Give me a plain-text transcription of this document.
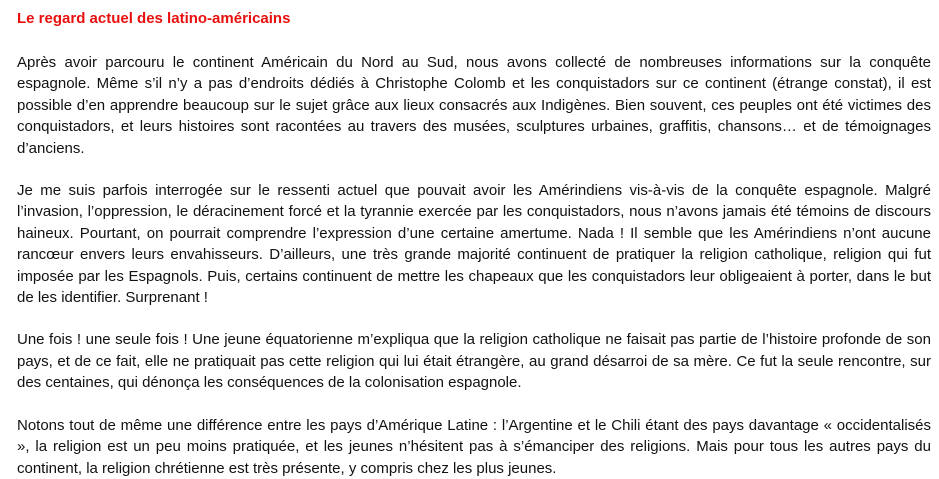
Le regard actuel des latino-américains

Après avoir parcouru le continent Américain du Nord au Sud, nous avons collecté de nombreuses informations sur la conquête espagnole. Même s’il n’y a pas d’endroits dédiés à Christophe Colomb et les conquistadors sur ce continent (étrange constat), il est possible d’en apprendre beaucoup sur le sujet grâce aux lieux consacrés aux Indigènes. Bien souvent, ces peuples ont été victimes des conquistadors, et leurs histoires sont racontées au travers des musées, sculptures urbaines, graffitis, chansons… et de témoignages d’anciens.

Je me suis parfois interrogée sur le ressenti actuel que pouvait avoir les Amérindiens vis-à-vis de la conquête espagnole. Malgré l’invasion, l’oppression, le déracinement forcé et la tyrannie exercée par les conquistadors, nous n’avons jamais été témoins de discours haineux. Pourtant, on pourrait comprendre l’expression d’une certaine amertume. Nada ! Il semble que les Amérindiens n’ont aucune rancœur envers leurs envahisseurs. D’ailleurs, une très grande majorité continuent de pratiquer la religion catholique, religion qui fut imposée par les Espagnols. Puis, certains continuent de mettre les chapeaux que les conquistadors leur obligeaient à porter, dans le but de les identifier. Surprenant !

Une fois ! une seule fois ! Une jeune équatorienne m’expliqua que la religion catholique ne faisait pas partie de l’histoire profonde de son pays, et de ce fait, elle ne pratiquait pas cette religion qui lui était étrangère, au grand désarroi de sa mère. Ce fut la seule rencontre, sur des centaines, qui dénonça les conséquences de la colonisation espagnole.

Notons tout de même une différence entre les pays d’Amérique Latine : l’Argentine et le Chili étant des pays davantage « occidentalisés », la religion est un peu moins pratiquée, et les jeunes n’hésitent pas à s’émanciper des religions. Mais pour tous les autres pays du continent, la religion chrétienne est très présente, y compris chez les plus jeunes.
